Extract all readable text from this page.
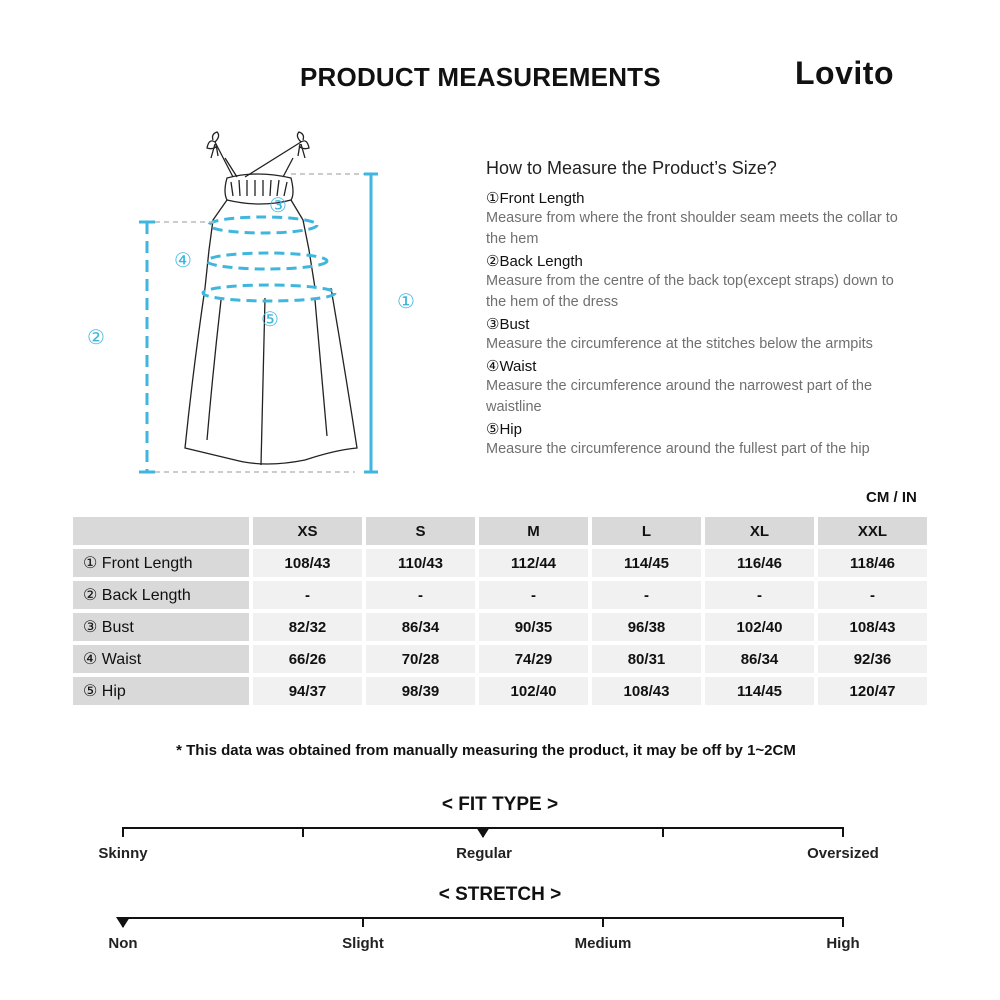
PRODUCT MEASUREMENTS	Lovito
①
②
③
④
⑤
How to Measure the Product’s Size?
①Front Length
Measure from where the front shoulder seam meets the collar to the hem
②Back Length
Measure from the centre of the back top(except straps) down to the hem of the dress
③Bust
Measure the circumference at the stitches below the armpits
④Waist
Measure the circumference around the narrowest part of the waistline
⑤Hip
Measure the circumference around the fullest part of the hip
CM / IN
	XS	S	M	L	XL	XXL
① Front Length	108/43	110/43	112/44	114/45	116/46	118/46
② Back Length	-	-	-	-	-	-
③ Bust	82/32	86/34	90/35	96/38	102/40	108/43
④ Waist	66/26	70/28	74/29	80/31	86/34	92/36
⑤ Hip	94/37	98/39	102/40	108/43	114/45	120/47
* This data was obtained from manually measuring the product, it may be off by 1~2CM
< FIT TYPE >
Skinny	Regular	Oversized
< STRETCH >
Non	Slight	Medium	High
